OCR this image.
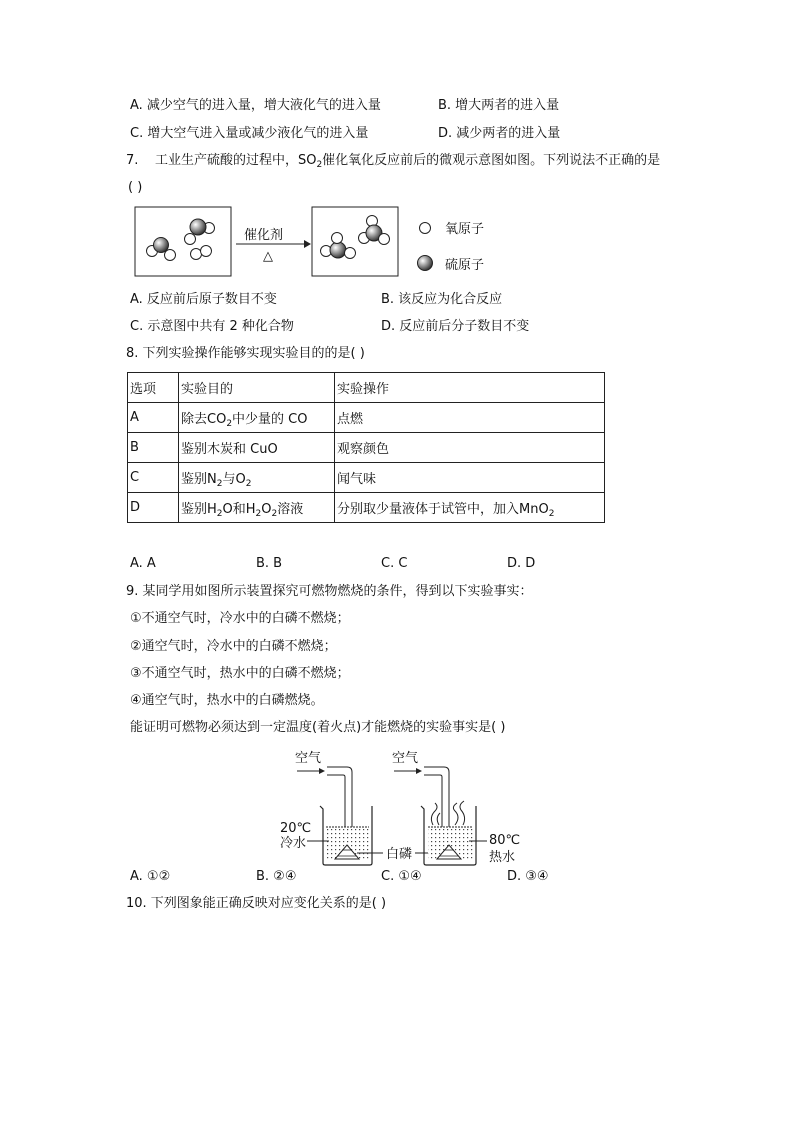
A. 减少空气的进入量，增大液化气的进入量	B. 增大两者的进入量
C. 增大空气进入量或减少液化气的进入量	D. 减少两者的进入量
7. 工业生产硫酸的过程中，$SO_2$催化氧化反应前后的微观示意图如图。下列说法不正确的是
( )
催化剂
△
氧原子
硫原子
A. 反应前后原子数目不变	B. 该反应为化合反应
C. 示意图中共有 2 种化合物	D. 反应前后分子数目不变
8. 下列实验操作能够实现实验目的的是( )
选项	实验目的	实验操作
A	除去$CO_2$中少量的 CO	点燃
B	鉴别木炭和 CuO	观察颜色
C	鉴别$N_2$与$O_2$	闻气味
D	鉴别$H_2O$和$H_2O_2$溶液	分别取少量液体于试管中，加入MnO$_2$
A. A	B. B	C. C	D. D
9. 某同学用如图所示装置探究可燃物燃烧的条件，得到以下实验事实：
①不通空气时，冷水中的白磷不燃烧；
②通空气时，冷水中的白磷不燃烧；
③不通空气时，热水中的白磷不燃烧；
④通空气时，热水中的白磷燃烧。
能证明可燃物必须达到一定温度(着火点)才能燃烧的实验事实是( )
空气
20℃
冷水
白磷
空气
80℃
热水
A. ①②	B. ②④	C. ①④	D. ③④
10. 下列图象能正确反映对应变化关系的是( )
